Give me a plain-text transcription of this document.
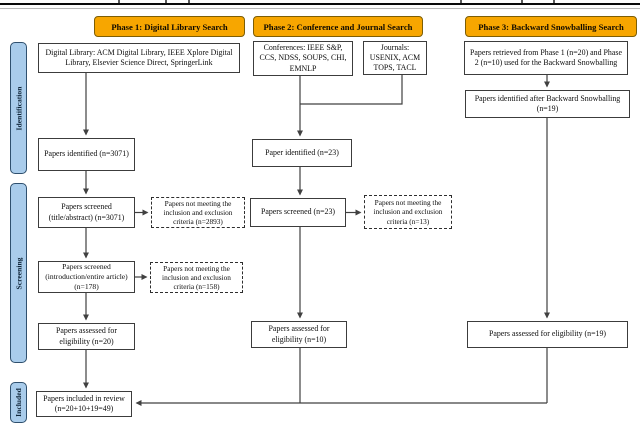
Phase 1: Digital Library Search	Phase 2: Conference and Journal Search	Phase 3: Backward Snowballing Search
Identification
Screening
Included
Digital Library: ACM Digital Library, IEEE Xplore Digital Library, Elsevier Science Direct, SpringerLink
Papers identified (n=3071)
Papers screened (title/abstract) (n=3071)
Papers not meeting the inclusion and exclusion criteria (n=2893)
Papers screened (introduction/entire article) (n=178)
Papers not meeting the inclusion and exclusion criteria (n=158)
Papers assessed for eligibility (n=20)
Papers included in review (n=20+10+19=49)
Conferences: IEEE S&P, CCS, NDSS, SOUPS, CHI, EMNLP
Journals: USENIX, ACM TOPS, TACL
Paper identified (n=23)
Papers screened (n=23)
Papers not meeting the inclusion and exclusion criteria (n=13)
Papers assessed for eligibility (n=10)
Papers retrieved from Phase 1 (n=20) and Phase 2 (n=10) used for the Backward Snowballing
Papers identified after Backward Snowballing (n=19)
Papers assessed for eligibility (n=19)
